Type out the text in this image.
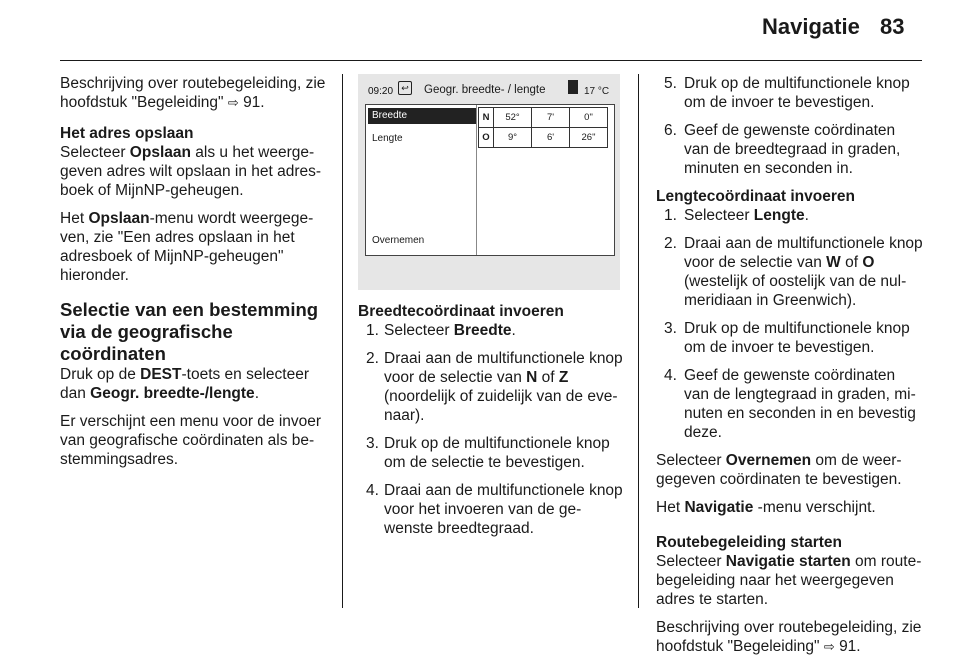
Navigatie 83

Beschrijving over routebegeleiding, zie hoofdstuk "Begeleiding" ⇨ 91.

Het adres opslaan

Selecteer Opslaan als u het weergegeven adres wilt opslaan in het adresboek of MijnNP-geheugen.

Het Opslaan-menu wordt weergegeven, zie "Een adres opslaan in het adresboek of MijnNP-geheugen" hieronder.

Selectie van een bestemming via de geografische coördinaten

Druk op de DEST-toets en selecteer dan Geogr. breedte-/lengte.

Er verschijnt een menu voor de invoer van geografische coördinaten als bestemmingsadres.

09:20 ↩ Geogr. breedte- / lengte	17 °C
Breedte
Lengte
Overnemen
N	52°	7'	0"
O	9°	6'	26"
Breedtecoördinaat invoeren
1. Selecteer Breedte.
2. Draai aan de multifunctionele knop voor de selectie van N of Z (noordelijk of zuidelijk van de evenaar).
3. Druk op de multifunctionele knop om de selectie te bevestigen.
4. Draai aan de multifunctionele knop voor het invoeren van de gewenste breedtegraad.
5. Druk op de multifunctionele knop om de invoer te bevestigen.
6. Geef de gewenste coördinaten van de breedtegraad in graden, minuten en seconden in.
Lengtecoördinaat invoeren
1. Selecteer Lengte.
2. Draai aan de multifunctionele knop voor de selectie van W of O (westelijk of oostelijk van de nulmeridiaan in Greenwich).
3. Druk op de multifunctionele knop om de invoer te bevestigen.
4. Geef de gewenste coördinaten van de lengtegraad in graden, minuten en seconden in en bevestig deze.

Selecteer Overnemen om de weergegeven coördinaten te bevestigen.

Het Navigatie -menu verschijnt.

Routebegeleiding starten

Selecteer Navigatie starten om routebegeleiding naar het weergegeven adres te starten.

Beschrijving over routebegeleiding, zie hoofdstuk "Begeleiding" ⇨ 91.
